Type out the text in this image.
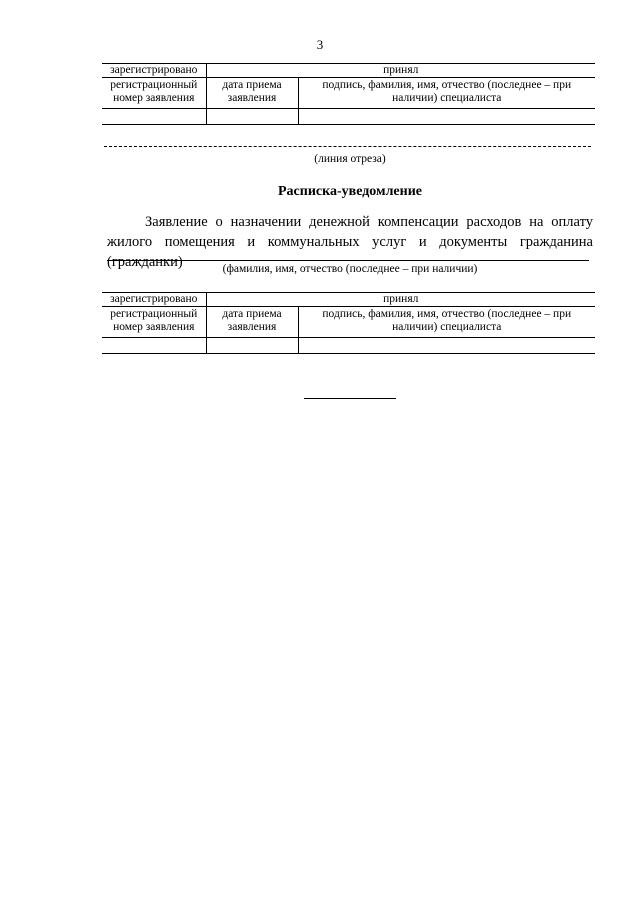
3
зарегистрировано	принял	
регистрационный номер заявления	дата приема заявления	подпись, фамилия, имя, отчество (последнее – при наличии) специалиста

(линия отреза)
Расписка-уведомление
Заявление о назначении денежной компенсации расходов на оплату жилого помещения и коммунальных услуг и документы гражданина (гражданки)	(фамилия, имя, отчество (последнее – при наличии)
зарегистрировано	принял	
регистрационный номер заявления	дата приема заявления	подпись, фамилия, имя, отчество (последнее – при наличии) специалиста
